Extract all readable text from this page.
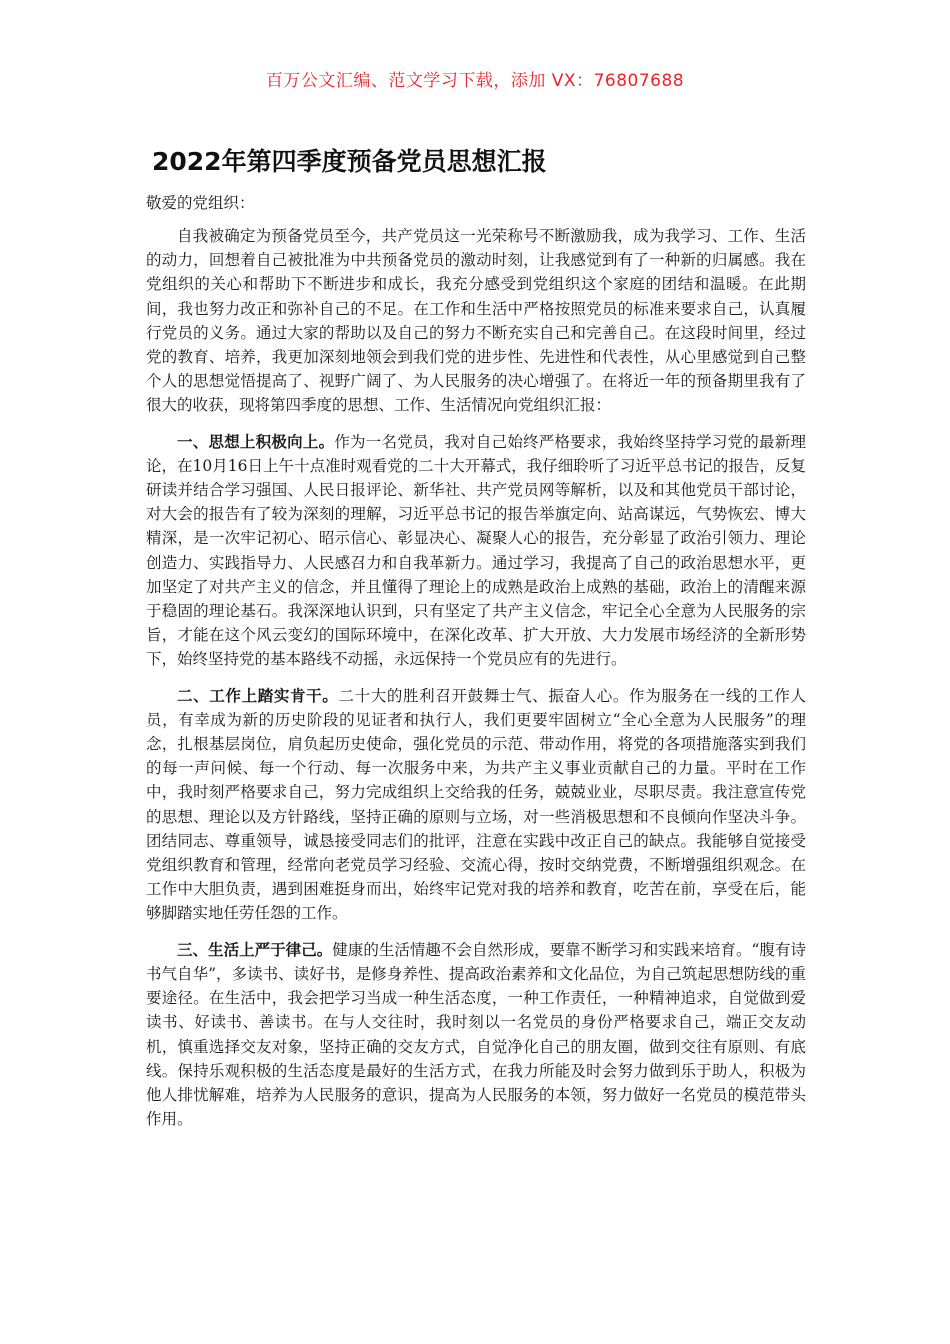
百万公文汇编、范文学习下载，添加 VX：76807688
2022年第四季度预备党员思想汇报
敬爱的党组织：

自我被确定为预备党员至今，共产党员这一光荣称号不断激励我，成为我学习、工作、生活的动力，回想着自己被批准为中共预备党员的激动时刻，让我感觉到有了一种新的归属感。我在党组织的关心和帮助下不断进步和成长，我充分感受到党组织这个家庭的团结和温暖。在此期间，我也努力改正和弥补自己的不足。在工作和生活中严格按照党员的标准来要求自己，认真履行党员的义务。通过大家的帮助以及自己的努力不断充实自己和完善自己。在这段时间里，经过党的教育、培养，我更加深刻地领会到我们党的进步性、先进性和代表性，从心里感觉到自己整个人的思想觉悟提高了、视野广阔了、为人民服务的决心增强了。在将近一年的预备期里我有了很大的收获，现将第四季度的思想、工作、生活情况向党组织汇报：

一、思想上积极向上。作为一名党员，我对自己始终严格要求，我始终坚持学习党的最新理论，在10月16日上午十点准时观看党的二十大开幕式，我仔细聆听了习近平总书记的报告，反复研读并结合学习强国、人民日报评论、新华社、共产党员网等解析，以及和其他党员干部讨论，对大会的报告有了较为深刻的理解，习近平总书记的报告举旗定向、站高谋远，气势恢宏、博大精深，是一次牢记初心、昭示信心、彰显决心、凝聚人心的报告，充分彰显了政治引领力、理论创造力、实践指导力、人民感召力和自我革新力。通过学习，我提高了自己的政治思想水平，更加坚定了对共产主义的信念，并且懂得了理论上的成熟是政治上成熟的基础，政治上的清醒来源于稳固的理论基石。我深深地认识到，只有坚定了共产主义信念，牢记全心全意为人民服务的宗旨，才能在这个风云变幻的国际环境中，在深化改革、扩大开放、大力发展市场经济的全新形势下，始终坚持党的基本路线不动摇，永远保持一个党员应有的先进行。

二、工作上踏实肯干。二十大的胜利召开鼓舞士气、振奋人心。作为服务在一线的工作人员，有幸成为新的历史阶段的见证者和执行人，我们更要牢固树立“全心全意为人民服务”的理念，扎根基层岗位，肩负起历史使命，强化党员的示范、带动作用，将党的各项措施落实到我们的每一声问候、每一个行动、每一次服务中来，为共产主义事业贡献自己的力量。平时在工作中，我时刻严格要求自己，努力完成组织上交给我的任务，兢兢业业，尽职尽责。我注意宣传党的思想、理论以及方针路线，坚持正确的原则与立场，对一些消极思想和不良倾向作坚决斗争。团结同志、尊重领导，诚恳接受同志们的批评，注意在实践中改正自己的缺点。我能够自觉接受党组织教育和管理，经常向老党员学习经验、交流心得，按时交纳党费，不断增强组织观念。在工作中大胆负责，遇到困难挺身而出，始终牢记党对我的培养和教育，吃苦在前，享受在后，能够脚踏实地任劳任怨的工作。

三、生活上严于律己。健康的生活情趣不会自然形成，要靠不断学习和实践来培育。“腹有诗书气自华”，多读书、读好书，是修身养性、提高政治素养和文化品位，为自己筑起思想防线的重要途径。在生活中，我会把学习当成一种生活态度，一种工作责任，一种精神追求，自觉做到爱读书、好读书、善读书。在与人交往时，我时刻以一名党员的身份严格要求自己，端正交友动机，慎重选择交友对象，坚持正确的交友方式，自觉净化自己的朋友圈，做到交往有原则、有底线。保持乐观积极的生活态度是最好的生活方式，在我力所能及时会努力做到乐于助人，积极为他人排忧解难，培养为人民服务的意识，提高为人民服务的本领，努力做好一名党员的模范带头作用。
